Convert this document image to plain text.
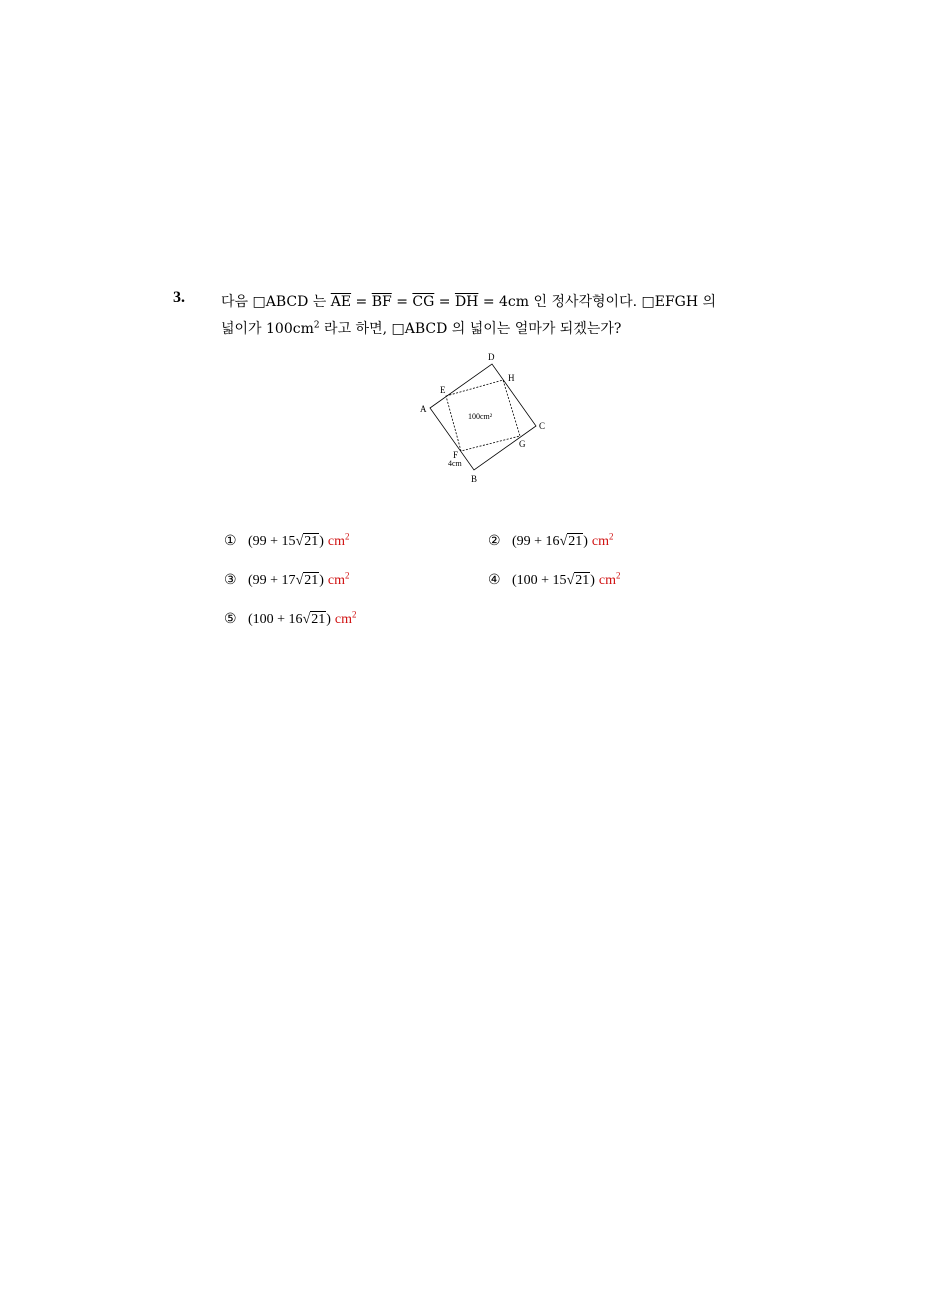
3.	다음 □ABCD 는 $\overline{AE} = \overline{BF} = \overline{CG} = \overline{DH} = 4cm$ 인 정사각형이다. □EFGH 의
넓이가 $100cm^2$ 라고 하면, □ABCD 의 넓이는 얼마가 되겠는가?
D
H
E
A
C
G
F
4cm
B
100cm²
① (99 + 15√21) $cm^2$	② (99 + 16√21) $cm^2$
③ (99 + 17√21) $cm^2$	④ (100 + 15√21) $cm^2$
⑤ (100 + 16√21) $cm^2$
